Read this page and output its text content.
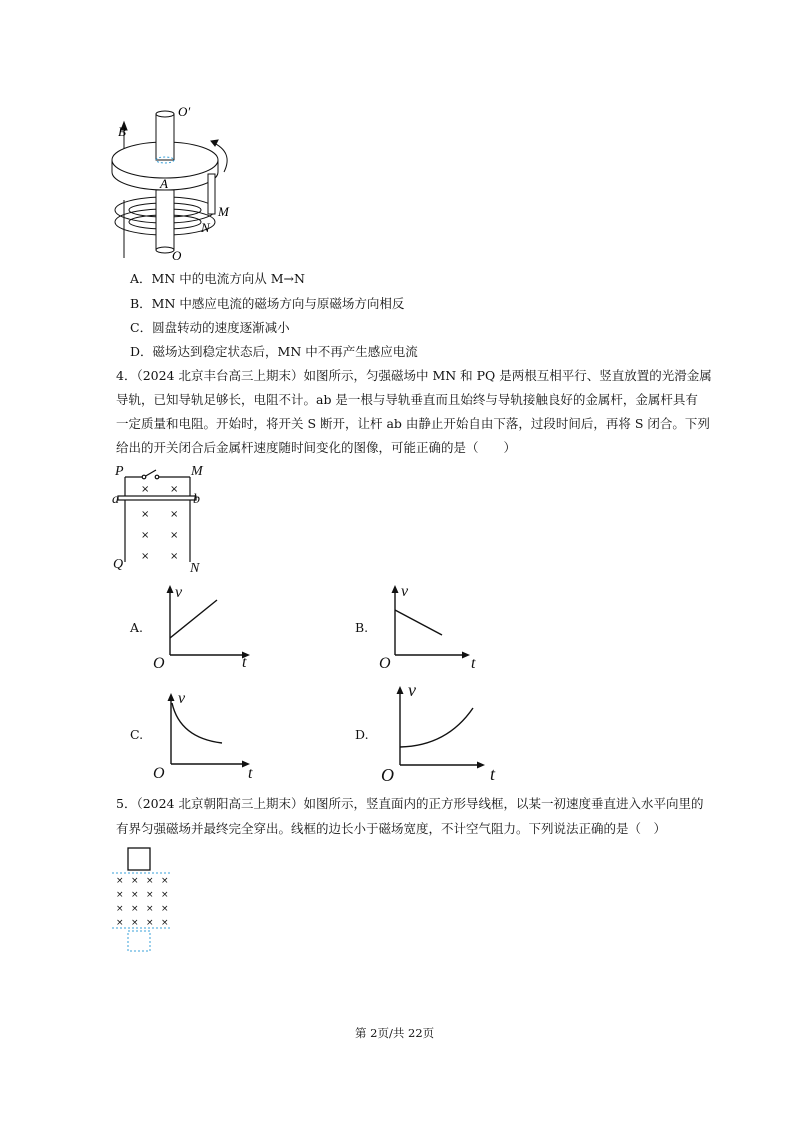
B
O′
A
M
N
O
A．MN 中的电流方向从 M→N
B．MN 中感应电流的磁场方向与原磁场方向相反
C．圆盘转动的速度逐渐减小
D．磁场达到稳定状态后，MN 中不再产生感应电流
4．（2024 北京丰台高三上期末）如图所示，匀强磁场中 MN 和 PQ 是两根互相平行、竖直放置的光滑金属
导轨，已知导轨足够长，电阻不计。ab 是一根与导轨垂直而且始终与导轨接触良好的金属杆，金属杆具有
一定质量和电阻。开始时，将开关 S 断开，让杆 ab 由静止开始自由下落，过段时间后，再将 S 闭合。下列
给出的开关闭合后金属杆速度随时间变化的图像，可能正确的是（　　）
× ×
× ×
× ×
× ×
P	M
a	b
Q	N
A.
v
t
O
B.
v
t
O
C.
v
t
O
D.
v
t
O
5．（2024 北京朝阳高三上期末）如图所示，竖直面内的正方形导线框，以某一初速度垂直进入水平向里的
有界匀强磁场并最终完全穿出。线框的边长小于磁场宽度，不计空气阻力。下列说法正确的是（　）
× × × ×
× × × ×
× × × ×
× × × ×
第 2页/共 22页
